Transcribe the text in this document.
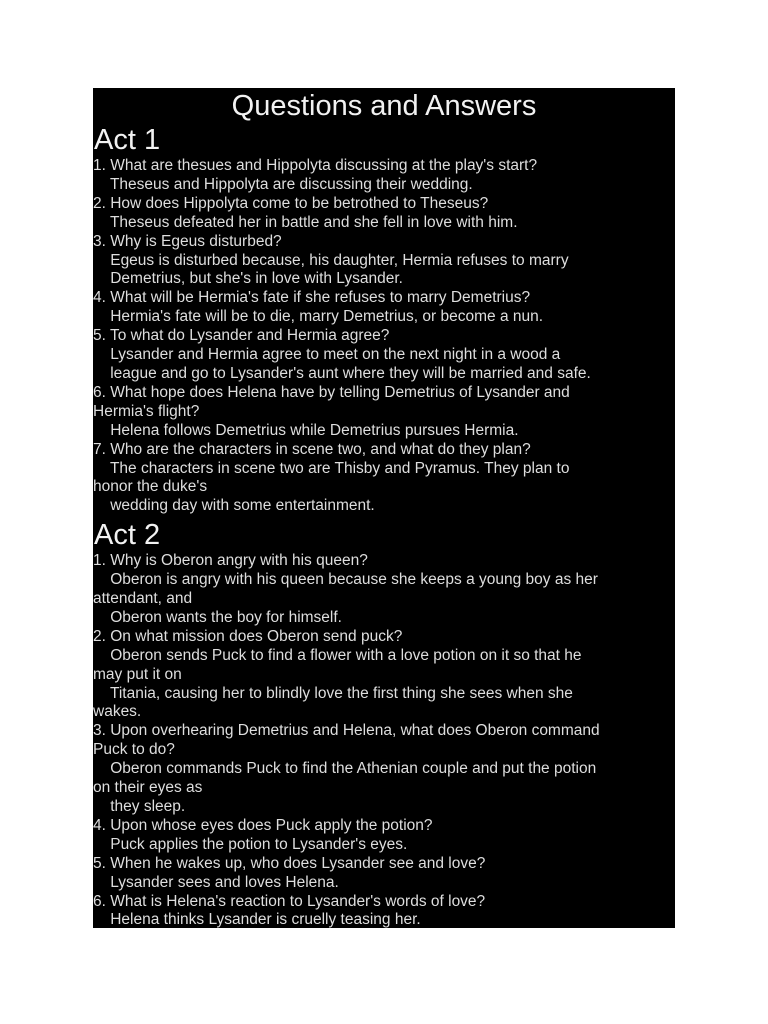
Questions and Answers
Act 1
1. What are thesues and Hippolyta discussing at the play's start?
Theseus and Hippolyta are discussing their wedding.
2. How does Hippolyta come to be betrothed to Theseus?
Theseus defeated her in battle and she fell in love with him.
3. Why is Egeus disturbed?
Egeus is disturbed because, his daughter, Hermia refuses to marry
Demetrius, but she's in love with Lysander.
4. What will be Hermia's fate if she refuses to marry Demetrius?
Hermia's fate will be to die, marry Demetrius, or become a nun.
5. To what do Lysander and Hermia agree?
Lysander and Hermia agree to meet on the next night in a wood a
league and go to Lysander's aunt where they will be married and safe.
6. What hope does Helena have by telling Demetrius of Lysander and
Hermia's flight?
Helena follows Demetrius while Demetrius pursues Hermia.
7. Who are the characters in scene two, and what do they plan?
The characters in scene two are Thisby and Pyramus. They plan to
honor the duke's
wedding day with some entertainment.
Act 2
1. Why is Oberon angry with his queen?
Oberon is angry with his queen because she keeps a young boy as her
attendant, and
Oberon wants the boy for himself.
2. On what mission does Oberon send puck?
Oberon sends Puck to find a flower with a love potion on it so that he
may put it on
Titania, causing her to blindly love the first thing she sees when she
wakes.
3. Upon overhearing Demetrius and Helena, what does Oberon command
Puck to do?
Oberon commands Puck to find the Athenian couple and put the potion
on their eyes as
they sleep.
4. Upon whose eyes does Puck apply the potion?
Puck applies the potion to Lysander's eyes.
5. When he wakes up, who does Lysander see and love?
Lysander sees and loves Helena.
6. What is Helena's reaction to Lysander's words of love?
Helena thinks Lysander is cruelly teasing her.
